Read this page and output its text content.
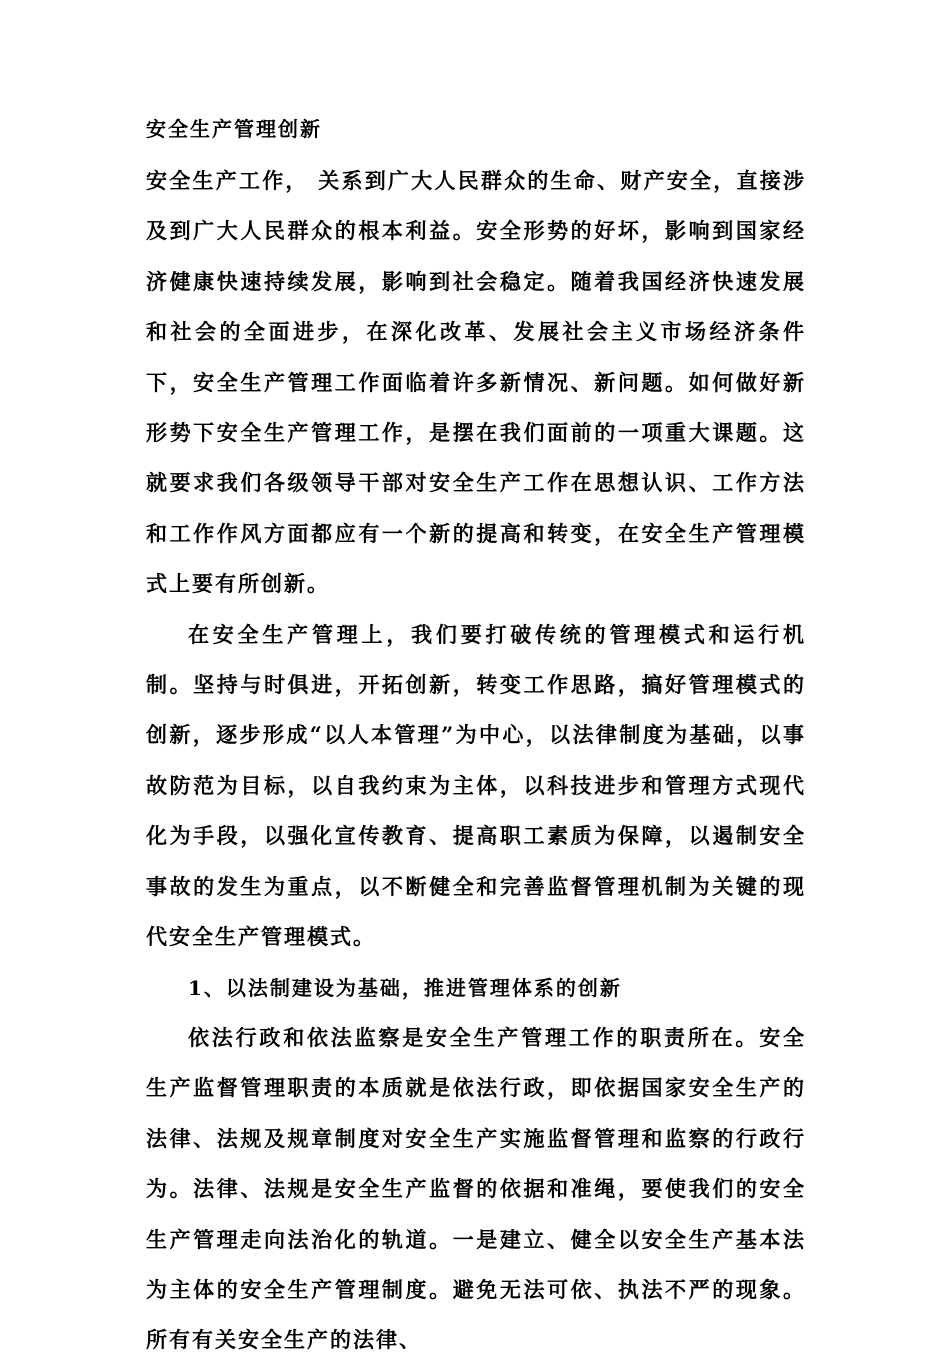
安全生产管理创新

安全生产工作， 关系到广大人民群众的生命、财产安全，直接涉及到广大人民群众的根本利益。安全形势的好坏，影响到国家经济健康快速持续发展，影响到社会稳定。随着我国经济快速发展和社会的全面进步，在深化改革、发展社会主义市场经济条件下，安全生产管理工作面临着许多新情况、新问题。如何做好新形势下安全生产管理工作，是摆在我们面前的一项重大课题。这就要求我们各级领导干部对安全生产工作在思想认识、工作方法和工作作风方面都应有一个新的提高和转变，在安全生产管理模式上要有所创新。

在安全生产管理上，我们要打破传统的管理模式和运行机制。坚持与时俱进，开拓创新，转变工作思路，搞好管理模式的创新，逐步形成“以人本管理”为中心，以法律制度为基础，以事故防范为目标，以自我约束为主体，以科技进步和管理方式现代化为手段，以强化宣传教育、提高职工素质为保障，以遏制安全事故的发生为重点，以不断健全和完善监督管理机制为关键的现代安全生产管理模式。

1、以法制建设为基础，推进管理体系的创新

依法行政和依法监察是安全生产管理工作的职责所在。安全生产监督管理职责的本质就是依法行政，即依据国家安全生产的法律、法规及规章制度对安全生产实施监督管理和监察的行政行为。法律、法规是安全生产监督的依据和准绳，要使我们的安全生产管理走向法治化的轨道。一是建立、健全以安全生产基本法为主体的安全生产管理制度。避免无法可依、执法不严的现象。所有有关安全生产的法律、
